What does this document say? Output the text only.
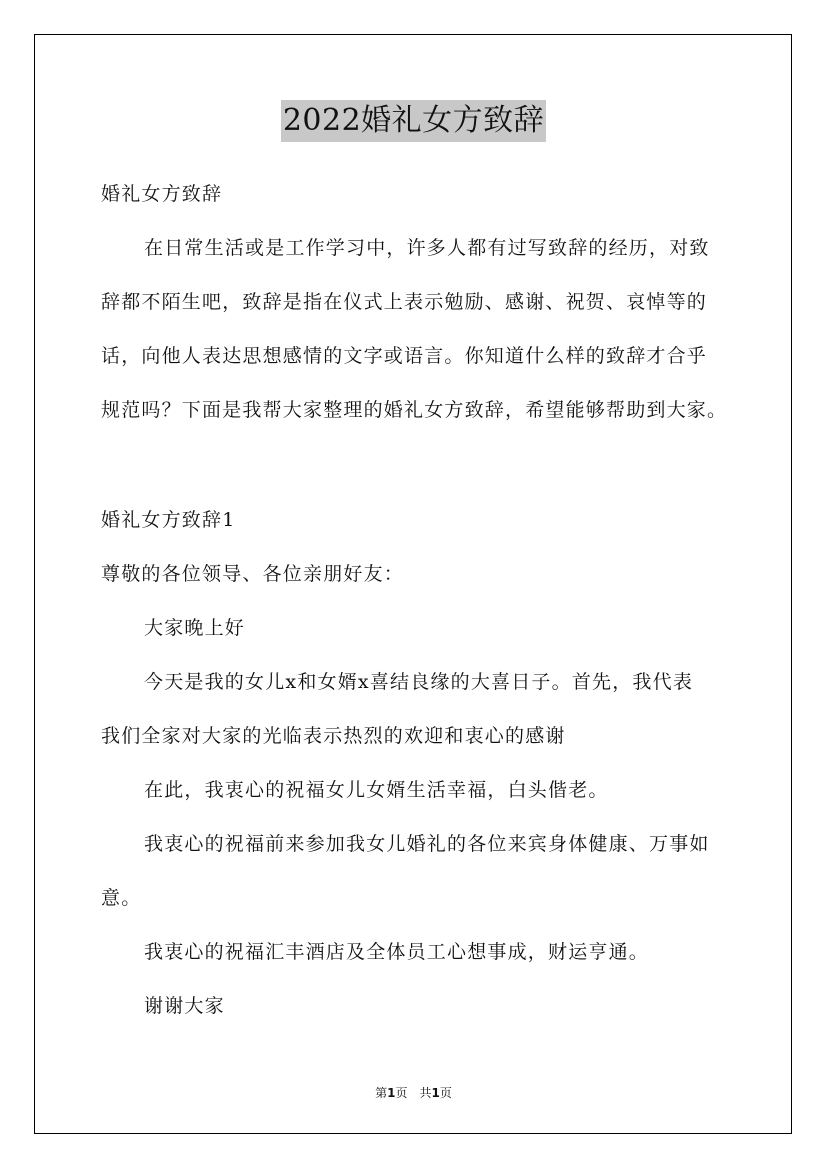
2022婚礼女方致辞
婚礼女方致辞
在日常生活或是工作学习中，许多人都有过写致辞的经历，对致
辞都不陌生吧，致辞是指在仪式上表示勉励、感谢、祝贺、哀悼等的
话，向他人表达思想感情的文字或语言。你知道什么样的致辞才合乎
规范吗？下面是我帮大家整理的婚礼女方致辞，希望能够帮助到大家。
婚礼女方致辞1
尊敬的各位领导、各位亲朋好友：
大家晚上好
今天是我的女儿x和女婿x喜结良缘的大喜日子。首先，我代表
我们全家对大家的光临表示热烈的欢迎和衷心的感谢
在此，我衷心的祝福女儿女婿生活幸福，白头偕老。
我衷心的祝福前来参加我女儿婚礼的各位来宾身体健康、万事如
意。
我衷心的祝福汇丰酒店及全体员工心想事成，财运亨通。
谢谢大家
第1页　共1页
